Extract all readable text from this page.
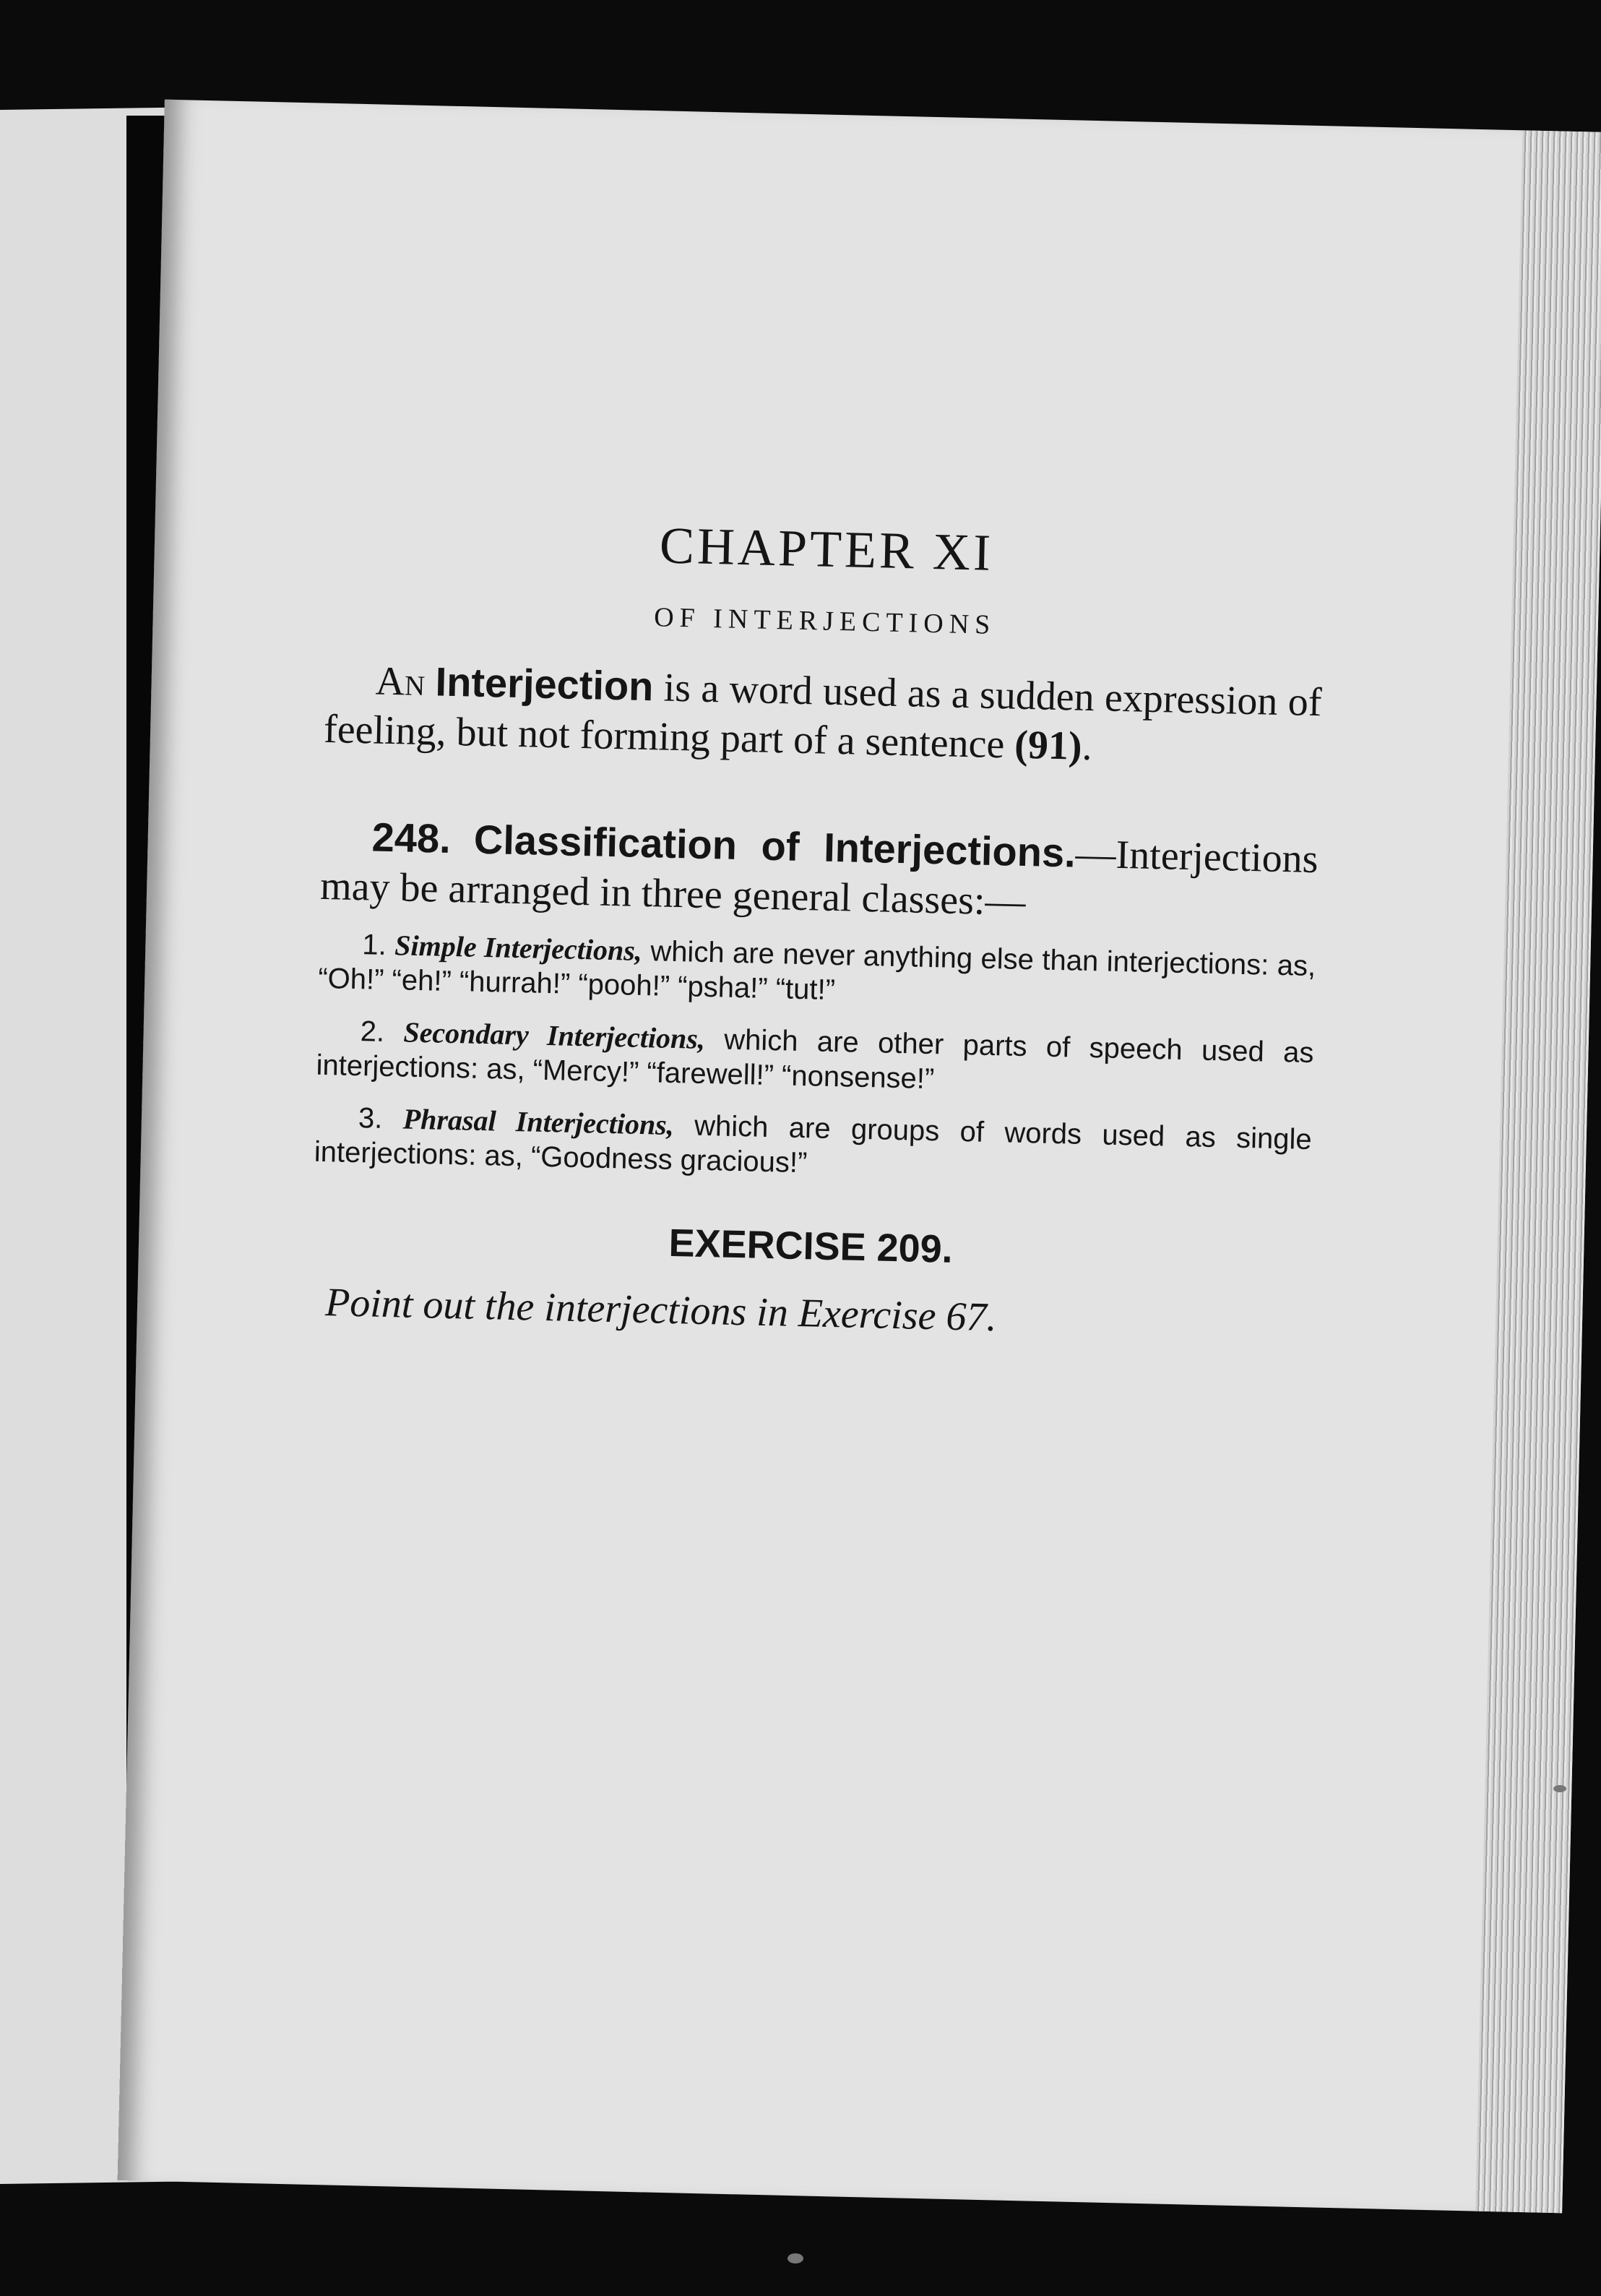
CHAPTER XI
OF INTERJECTIONS

An Interjection is a word used as a sudden expression of feeling, but not forming part of a sentence (91).

248. Classification of Interjections.—Interjections may be arranged in three general classes:—

1. Simple Interjections, which are never anything else than interjections: as, “Oh!” “eh!” “hurrah!” “pooh!” “psha!” “tut!”

2. Secondary Interjections, which are other parts of speech used as interjections: as, “Mercy!” “farewell!” “nonsense!”

3. Phrasal Interjections, which are groups of words used as single interjections: as, “Goodness gracious!”

EXERCISE 209.

Point out the interjections in Exercise 67.
